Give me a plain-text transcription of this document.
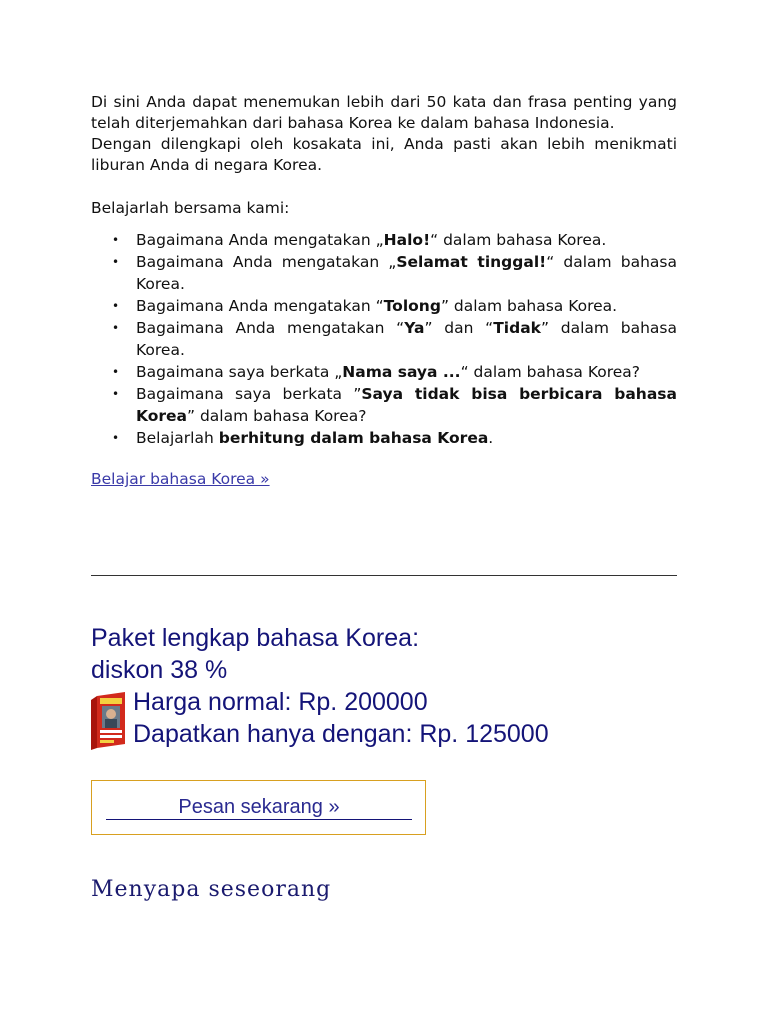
Di sini Anda dapat menemukan lebih dari 50 kata dan frasa penting yang telah diterjemahkan dari bahasa Korea ke dalam bahasa Indonesia.

Dengan dilengkapi oleh kosakata ini, Anda pasti akan lebih menikmati liburan Anda di negara Korea.

Belajarlah bersama kami:

• Bagaimana Anda mengatakan „Halo!“ dalam bahasa Korea.
• Bagaimana Anda mengatakan „Selamat tinggal!“ dalam bahasa Korea.
• Bagaimana Anda mengatakan “Tolong” dalam bahasa Korea.
• Bagaimana Anda mengatakan “Ya” dan “Tidak” dalam bahasa Korea.
• Bagaimana saya berkata „Nama saya ...“ dalam bahasa Korea?
• Bagaimana saya berkata ”Saya tidak bisa berbicara bahasa Korea” dalam bahasa Korea?
• Belajarlah berhitung dalam bahasa Korea.
Belajar bahasa Korea »
Paket lengkap bahasa Korea:
diskon 38 %
Harga normal: Rp. 200000
Dapatkan hanya dengan: Rp. 125000
Pesan sekarang »
Menyapa seseorang
